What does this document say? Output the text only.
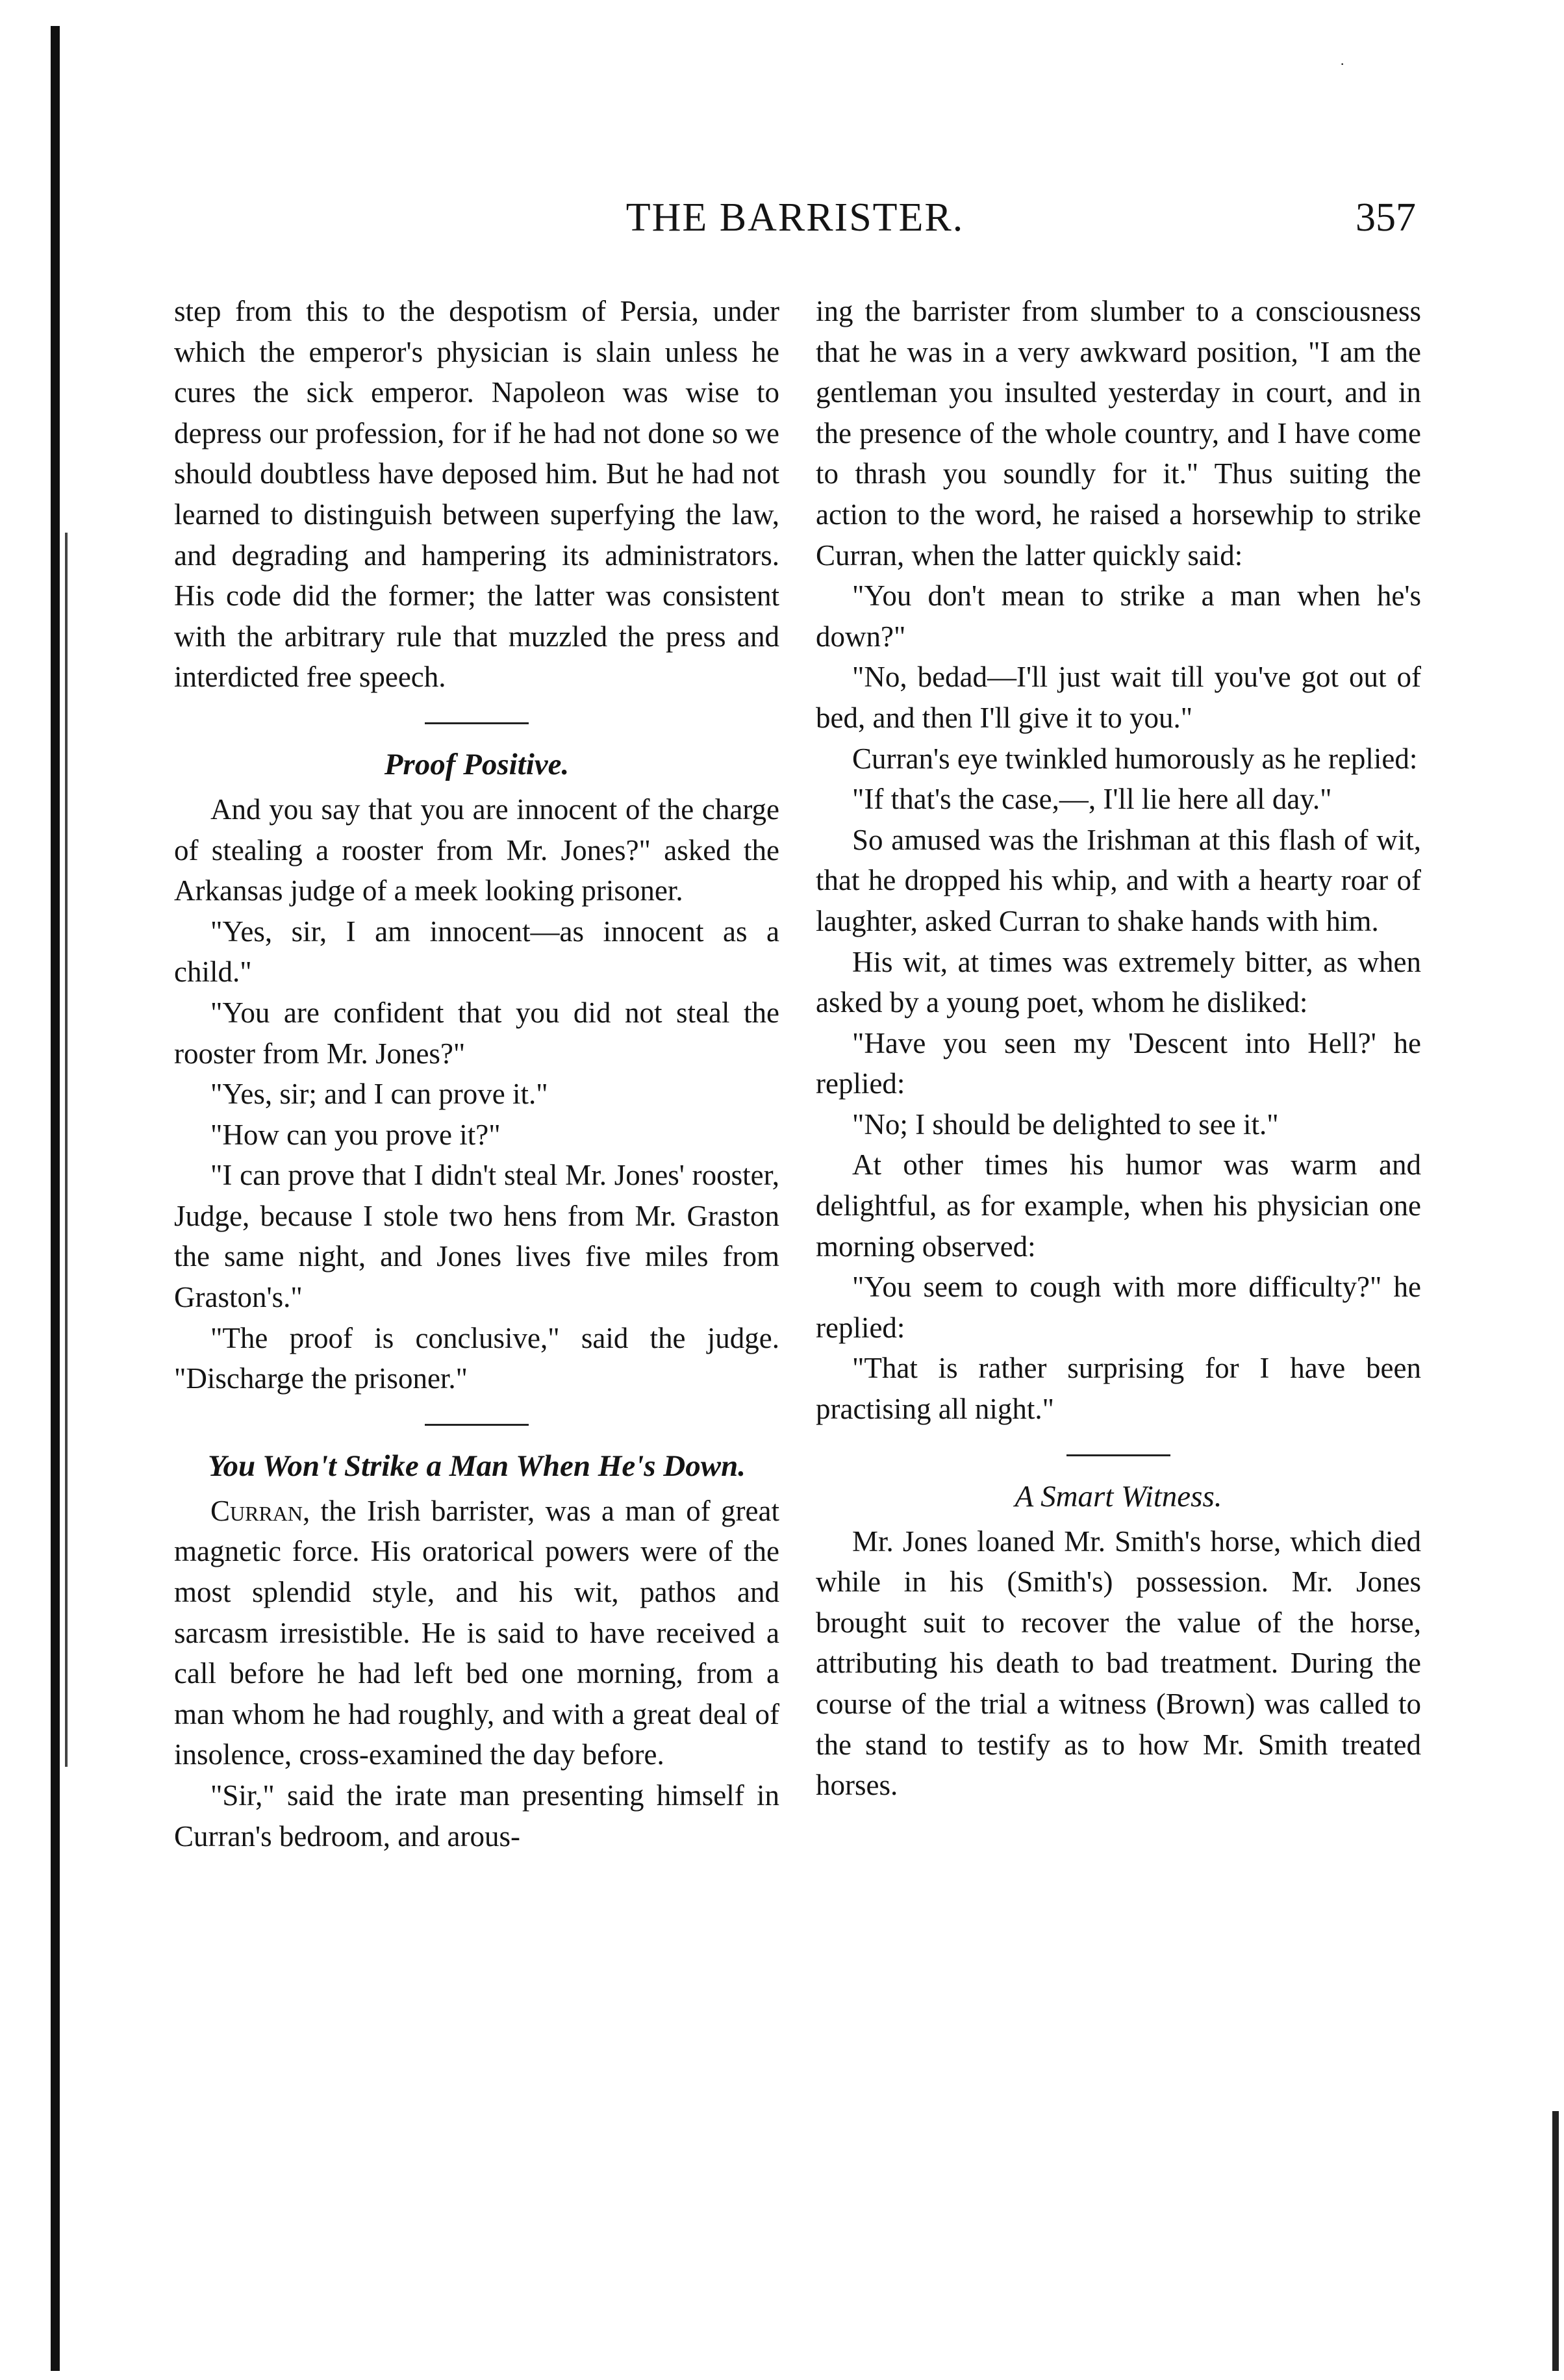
·
THE BARRISTER.	357

step from this to the despotism of Persia, under which the emperor's physician is slain unless he cures the sick emperor. Napoleon was wise to depress our profession, for if he had not done so we should doubtless have deposed him. But he had not learned to distinguish between superfying the law, and degrading and hampering its administrators. His code did the former; the latter was consistent with the arbitrary rule that muzzled the press and interdicted free speech.

Proof Positive.

And you say that you are innocent of the charge of stealing a rooster from Mr. Jones?" asked the Arkansas judge of a meek looking prisoner.

"Yes, sir, I am innocent—as innocent as a child."

"You are confident that you did not steal the rooster from Mr. Jones?"

"Yes, sir; and I can prove it."

"How can you prove it?"

"I can prove that I didn't steal Mr. Jones' rooster, Judge, because I stole two hens from Mr. Graston the same night, and Jones lives five miles from Graston's."

"The proof is conclusive," said the judge. "Discharge the prisoner."

You Won't Strike a Man When He's Down.

Curran, the Irish barrister, was a man of great magnetic force. His oratorical powers were of the most splendid style, and his wit, pathos and sarcasm irresistible. He is said to have received a call before he had left bed one morning, from a man whom he had roughly, and with a great deal of insolence, cross-examined the day before.

"Sir," said the irate man presenting himself in Curran's bedroom, and arous-

ing the barrister from slumber to a consciousness that he was in a very awkward position, "I am the gentleman you insulted yesterday in court, and in the presence of the whole country, and I have come to thrash you soundly for it." Thus suiting the action to the word, he raised a horsewhip to strike Curran, when the latter quickly said:

"You don't mean to strike a man when he's down?"

"No, bedad—I'll just wait till you've got out of bed, and then I'll give it to you."

Curran's eye twinkled humorously as he replied:

"If that's the case,—, I'll lie here all day."

So amused was the Irishman at this flash of wit, that he dropped his whip, and with a hearty roar of laughter, asked Curran to shake hands with him.

His wit, at times was extremely bitter, as when asked by a young poet, whom he disliked:

"Have you seen my 'Descent into Hell?' he replied:

"No; I should be delighted to see it."

At other times his humor was warm and delightful, as for example, when his physician one morning observed:

"You seem to cough with more difficulty?" he replied:

"That is rather surprising for I have been practising all night."

A Smart Witness.

Mr. Jones loaned Mr. Smith's horse, which died while in his (Smith's) possession. Mr. Jones brought suit to recover the value of the horse, attributing his death to bad treatment. During the course of the trial a witness (Brown) was called to the stand to testify as to how Mr. Smith treated horses.
